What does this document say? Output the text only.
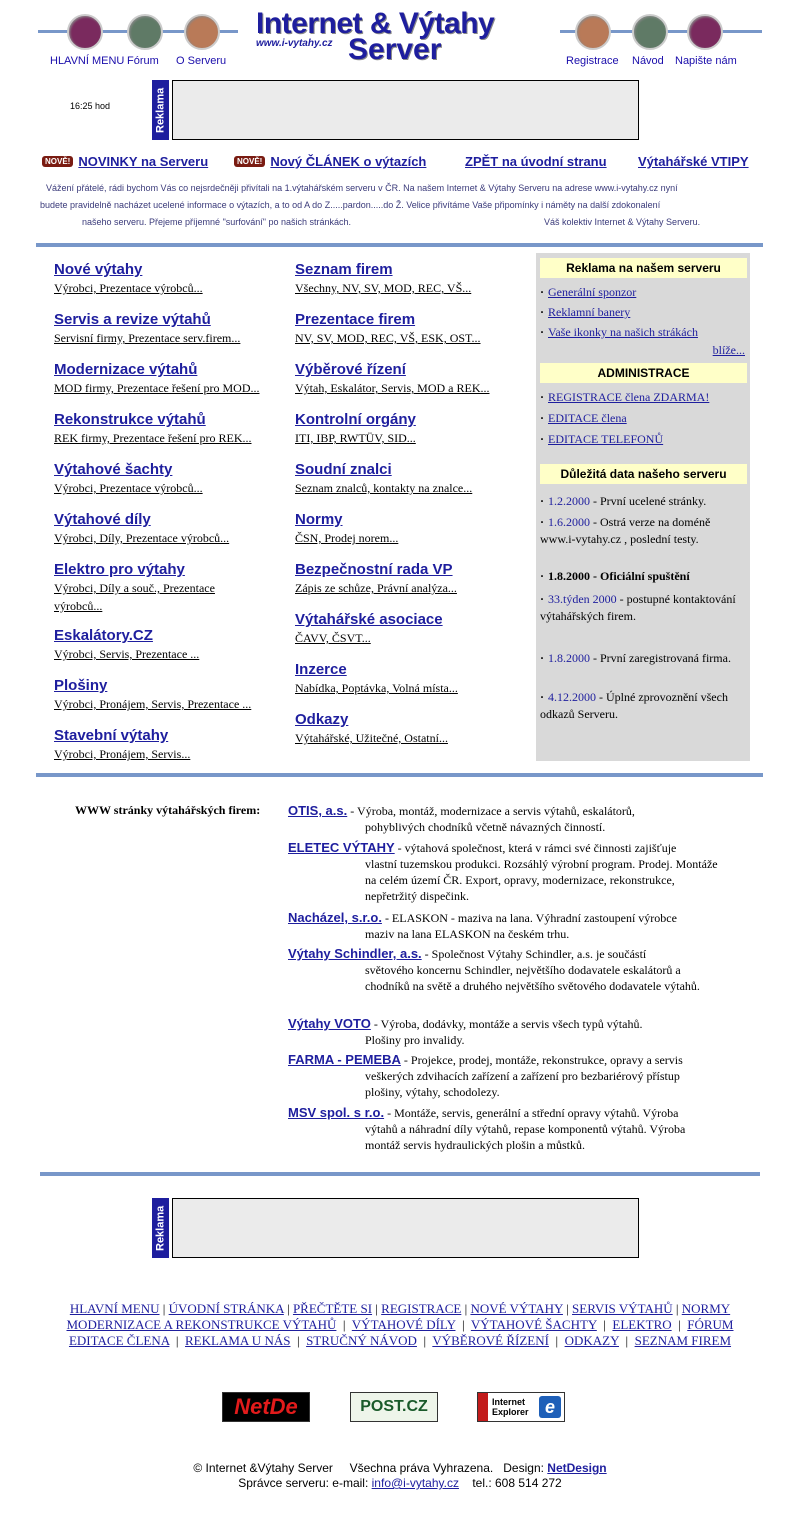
HLAVNÍ MENU Fórum O Serveru	Registrace Návod Napište nám
Internet & Výtahy
www.i-vytahy.cz Server
16:25 hod	Reklama
NOVĚ! NOVINKY na Serveru	NOVĚ! Nový ČLÁNEK o výtazích	ZPĚT na úvodní stranu Výtahářské VTIPY
Vážení přátelé, rádi bychom Vás co nejsrdečněji přivítali na 1.výtahářském serveru v ČR. Na našem Internet & Výtahy Serveru na adrese www.i-vytahy.cz nyní
budete pravidelně nacházet ucelené informace o výtazích, a to od A do Z.....pardon.....do Ž. Velice přivítáme Vaše připomínky i náměty na další zdokonalení
našeho serveru. Přejeme příjemné "surfování" po našich stránkách.	Váš kolektiv Internet & Výtahy Serveru.
Nové výtahy
Výrobci, Prezentace výrobců...
Servis a revize výtahů
Servisní firmy, Prezentace serv.firem...
Modernizace výtahů
MOD firmy, Prezentace řešení pro MOD...
Rekonstrukce výtahů
REK firmy, Prezentace řešení pro REK...
Výtahové šachty
Výrobci, Prezentace výrobců...
Výtahové díly
Výrobci, Díly, Prezentace výrobců...
Elektro pro výtahy
Výrobci, Díly a souč., Prezentace výrobců...
Eskalátory.CZ
Výrobci, Servis, Prezentace ...
Plošiny
Výrobci, Pronájem, Servis, Prezentace ...
Stavební výtahy
Výrobci, Pronájem, Servis...
Seznam firem
Všechny, NV, SV, MOD, REC, VŠ...
Prezentace firem
NV, SV, MOD, REC, VŠ, ESK, OST...
Výběrové řízení
Výtah, Eskalátor, Servis, MOD a REK...
Kontrolní orgány
ITI, IBP, RWTÜV, SID...
Soudní znalci
Seznam znalců, kontakty na znalce...
Normy
ČSN, Prodej norem...
Bezpečnostní rada VP
Zápis ze schůze, Právní analýza...
Výtahářské asociace
ČAVV, ČSVT...
Inzerce
Nabídka, Poptávka, Volná místa...
Odkazy
Výtahářské, Užitečné, Ostatní...
Reklama na našem serveru
· Generální sponzor
· Reklamní banery
· Vaše ikonky na našich strákách
blíže...
ADMINISTRACE
· REGISTRACE člena ZDARMA!
· EDITACE člena
· EDITACE TELEFONŮ
Důležitá data našeho serveru
· 1.2.2000 - První ucelené stránky.
· 1.6.2000 - Ostrá verze na doméně www.i-vytahy.cz , poslední testy.
· 1.8.2000 - Oficiální spuštění
· 33.týden 2000 - postupné kontaktování výtahářských firem.
· 1.8.2000 - První zaregistrovaná firma.
· 4.12.2000 - Úplné zprovoznění všech odkazů Serveru.
WWW stránky výtahářských firem: OTIS, a.s. - Výroba, montáž, modernizace a servis výtahů, eskalátorů,
pohyblivých chodníků včetně návazných činností.
ELETEC VÝTAHY - výtahová společnost, která v rámci své činnosti zajišťuje
vlastní tuzemskou produkci. Rozsáhlý výrobní program. Prodej. Montáže na celém území ČR. Export, opravy, modernizace, rekonstrukce, nepřetržitý dispečink.
Nacházel, s.r.o. - ELASKON - maziva na lana. Výhradní zastoupení výrobce
maziv na lana ELASKON na českém trhu.
Výtahy Schindler, a.s. - Společnost Výtahy Schindler, a.s. je součástí
světového koncernu Schindler, největšího dodavatele eskalátorů a chodníků na světě a druhého největšího světového dodavatele výtahů.
Výtahy VOTO - Výroba, dodávky, montáže a servis všech typů výtahů.
Plošiny pro invalidy.
FARMA - PEMEBA - Projekce, prodej, montáže, rekonstrukce, opravy a servis
veškerých zdvihacích zařízení a zařízení pro bezbariérový přístup plošiny, výtahy, schodolezy.
MSV spol. s r.o. - Montáže, servis, generální a střední opravy výtahů. Výroba
výtahů a náhradní díly výtahů, repase komponentů výtahů. Výroba montáž servis hydraulických plošin a můstků.
Reklama
HLAVNÍ MENU | ÚVODNÍ STRÁNKA | PŘEČTĚTE SI | REGISTRACE | NOVÉ VÝTAHY | SERVIS VÝTAHŮ | NORMY
MODERNIZACE A REKONSTRUKCE VÝTAHŮ | VÝTAHOVÉ DÍLY | VÝTAHOVÉ ŠACHTY | ELEKTRO | FÓRUM
EDITACE ČLENA | REKLAMA U NÁS | STRUČNÝ NÁVOD | VÝBĚROVÉ ŘÍZENÍ | ODKAZY | SEZNAM FIREM
NetDe	POST.CZ	Internet Explorer e
© Internet &Výtahy Server Všechna práva Vyhrazena. Design: NetDesign
Správce serveru: e-mail: info@i-vytahy.cz tel.: 608 514 272
